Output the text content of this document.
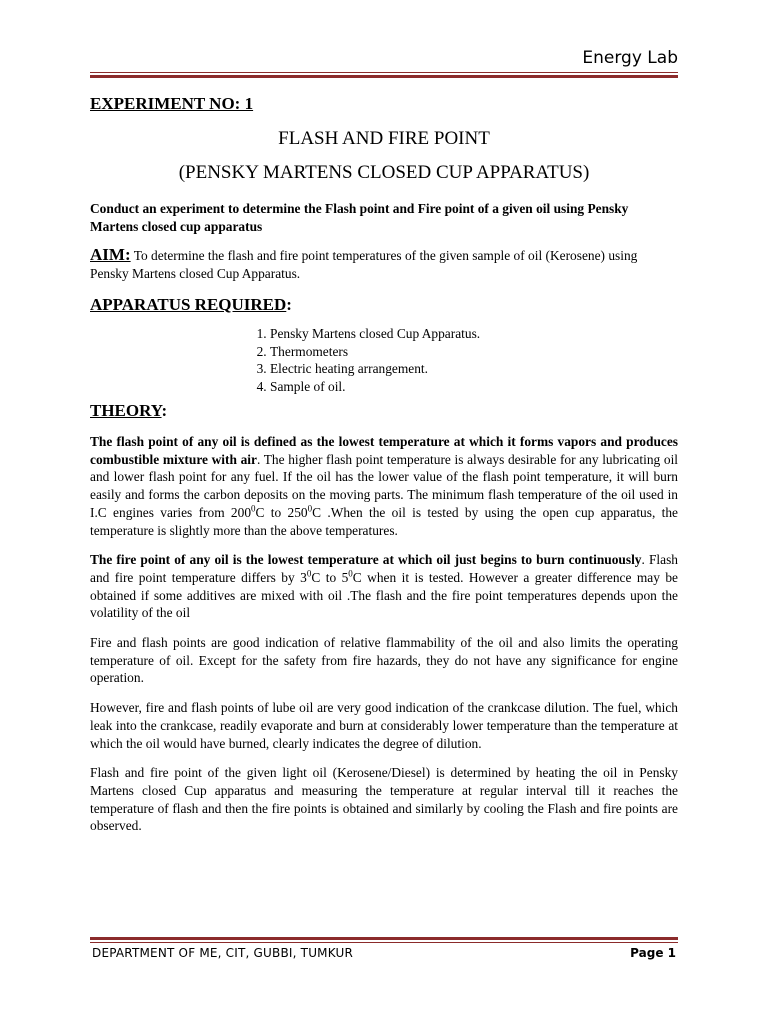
Energy Lab

EXPERIMENT NO: 1

FLASH AND FIRE POINT

(PENSKY MARTENS CLOSED CUP APPARATUS)

Conduct an experiment to determine the Flash point and Fire point of a given oil using Pensky Martens closed cup apparatus

AIM: To determine the flash and fire point temperatures of the given sample of oil (Kerosene) using Pensky Martens closed Cup Apparatus.

APPARATUS REQUIRED:

1. Pensky Martens closed Cup Apparatus.
2. Thermometers
3. Electric heating arrangement.
4. Sample of oil.

THEORY:

The flash point of any oil is defined as the lowest temperature at which it forms vapors and produces combustible mixture with air. The higher flash point temperature is always desirable for any lubricating oil and lower flash point for any fuel. If the oil has the lower value of the flash point temperature, it will burn easily and forms the carbon deposits on the moving parts. The minimum flash temperature of the oil used in I.C engines varies from $200^0C$ to $250^0C$ .When the oil is tested by using the open cup apparatus, the temperature is slightly more than the above temperatures.

The fire point of any oil is the lowest temperature at which oil just begins to burn continuously. Flash and fire point temperature differs by $3^0C$ to $5^0C$ when it is tested. However a greater difference may be obtained if some additives are mixed with oil .The flash and the fire point temperatures depends upon the volatility of the oil

Fire and flash points are good indication of relative flammability of the oil and also limits the operating temperature of oil. Except for the safety from fire hazards, they do not have any significance for engine operation.

However, fire and flash points of lube oil are very good indication of the crankcase dilution. The fuel, which leak into the crankcase, readily evaporate and burn at considerably lower temperature than the temperature at which the oil would have burned, clearly indicates the degree of dilution.

Flash and fire point of the given light oil (Kerosene/Diesel) is determined by heating the oil in Pensky Martens closed Cup apparatus and measuring the temperature at regular interval till it reaches the temperature of flash and then the fire points is obtained and similarly by cooling the Flash and fire points are observed.

DEPARTMENT OF ME, CIT, GUBBI, TUMKUR	Page 1
